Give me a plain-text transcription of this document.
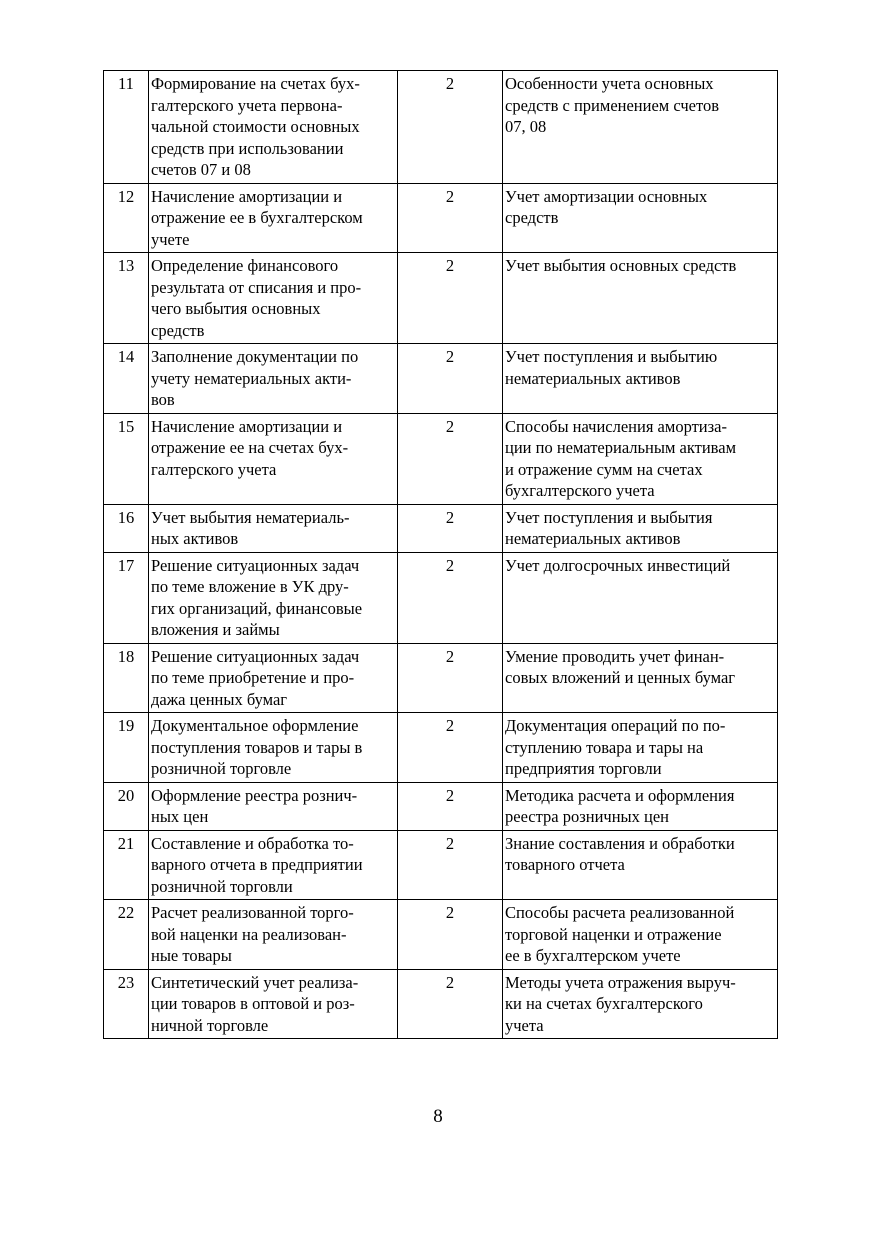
11	Формирование на счетах бух-
галтерского учета первона-
чальной стоимости основных
средств при использовании
счетов 07 и 08	2	Особенности учета основных
средств с применением счетов
07, 08

12	Начисление амортизации и
отражение ее в бухгалтерском
учете	2	Учет амортизации основных
средств

13	Определение финансового
результата от списания и про-
чего выбытия основных
средств	2	Учет выбытия основных средств

14	Заполнение документации по
учету нематериальных акти-
вов	2	Учет поступления и выбытию
нематериальных активов

15	Начисление амортизации и
отражение ее на счетах бух-
галтерского учета	2	Способы начисления амортиза-
ции по нематериальным активам
и отражение сумм на счетах
бухгалтерского учета

16	Учет выбытия нематериаль-
ных активов	2	Учет поступления и выбытия
нематериальных активов

17	Решение ситуационных задач
по теме вложение в УК дру-
гих организаций, финансовые
вложения и займы	2	Учет долгосрочных инвестиций

18	Решение ситуационных задач
по теме приобретение и про-
дажа ценных бумаг	2	Умение проводить учет финан-
совых вложений и ценных бумаг

19	Документальное оформление
поступления товаров и тары в
розничной торговле	2	Документация операций по по-
ступлению товара и тары на
предприятия торговли

20	Оформление реестра рознич-
ных цен	2	Методика расчета и оформления
реестра розничных цен

21	Составление и обработка то-
варного отчета в предприятии
розничной торговли	2	Знание составления и обработки
товарного отчета

22	Расчет реализованной торго-
вой наценки на реализован-
ные товары	2	Способы расчета реализованной
торговой наценки и отражение
ее в бухгалтерском учете

23	Синтетический учет реализа-
ции товаров в оптовой и роз-
ничной торговле	2	Методы учета отражения выруч-
ки на счетах бухгалтерского
учета
8
